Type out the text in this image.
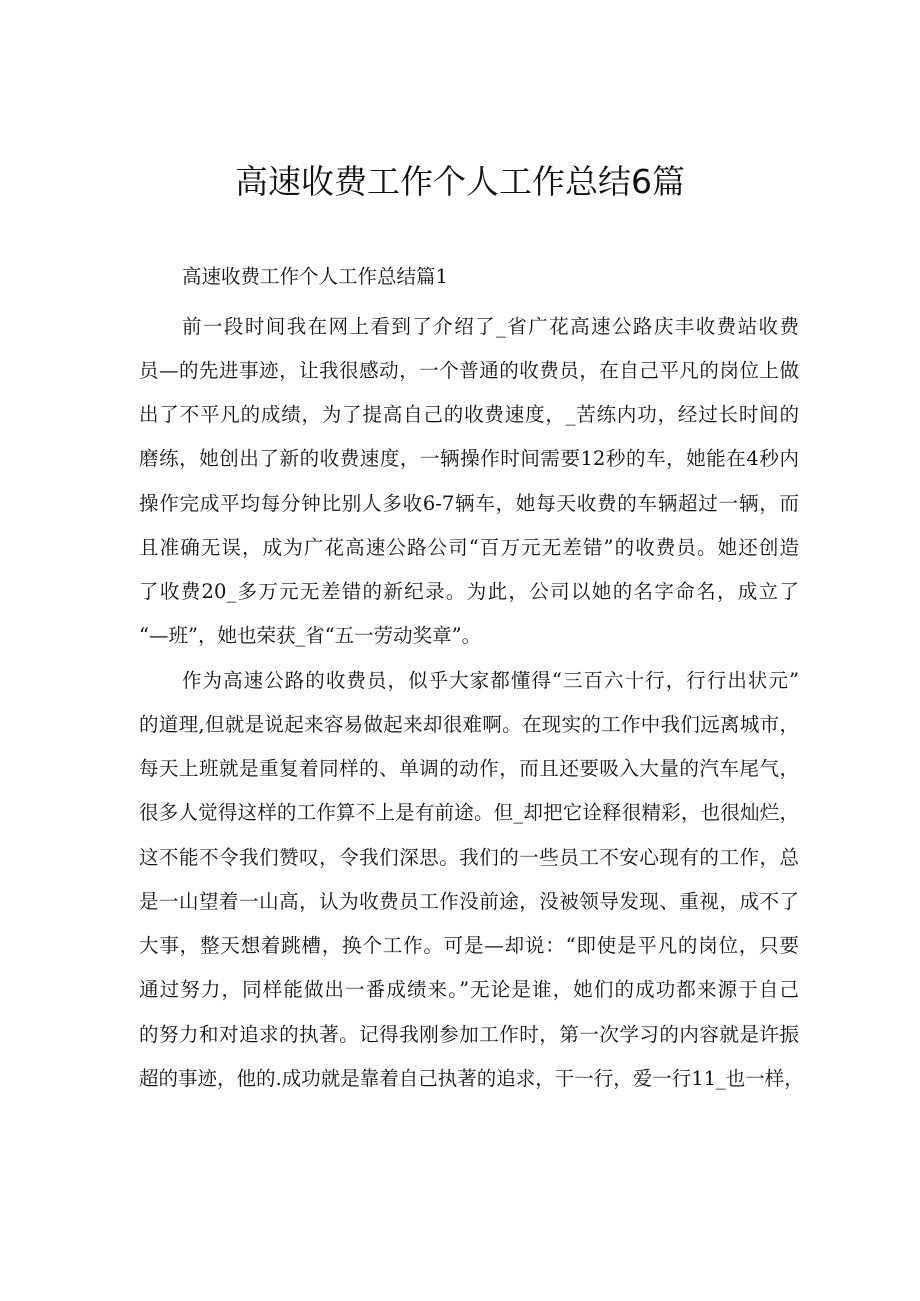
高速收费工作个人工作总结6篇
高速收费工作个人工作总结篇1
前一段时间我在网上看到了介绍了_省广花高速公路庆丰收费站收费
员—的先进事迹，让我很感动，一个普通的收费员，在自己平凡的岗位上做
出了不平凡的成绩，为了提高自己的收费速度，_苦练内功，经过长时间的
磨练，她创出了新的收费速度，一辆操作时间需要12秒的车，她能在4秒内
操作完成平均每分钟比别人多收6-7辆车，她每天收费的车辆超过一辆，而
且准确无误，成为广花高速公路公司“百万元无差错”的收费员。她还创造
了收费20_多万元无差错的新纪录。为此，公司以她的名字命名，成立了
“—班”，她也荣获_省“五一劳动奖章”。
作为高速公路的收费员，似乎大家都懂得“三百六十行，行行出状元”
的道理,但就是说起来容易做起来却很难啊。在现实的工作中我们远离城市，
每天上班就是重复着同样的、单调的动作，而且还要吸入大量的汽车尾气，
很多人觉得这样的工作算不上是有前途。但_却把它诠释很精彩，也很灿烂，
这不能不令我们赞叹，令我们深思。我们的一些员工不安心现有的工作，总
是一山望着一山高，认为收费员工作没前途，没被领导发现、重视，成不了
大事，整天想着跳槽，换个工作。可是—却说：“即使是平凡的岗位，只要
通过努力，同样能做出一番成绩来。”无论是谁，她们的成功都来源于自己
的努力和对追求的执著。记得我刚参加工作时，第一次学习的内容就是许振
超的事迹，他的.成功就是靠着自己执著的追求，干一行，爱一行11_也一样，
